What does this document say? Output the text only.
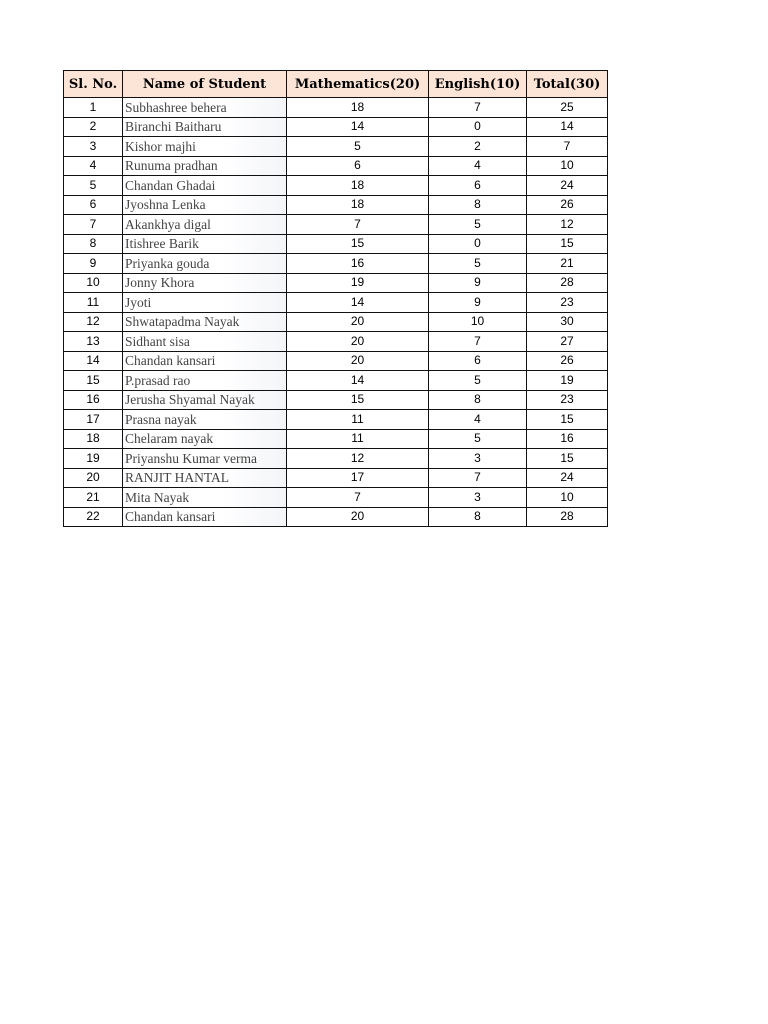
Sl. No.	Name of Student	Mathematics(20)	English(10)	Total(30)
1	Subhashree behera	18	7	25
2	Biranchi Baitharu	14	0	14
3	Kishor majhi	5	2	7
4	Runuma pradhan	6	4	10
5	Chandan Ghadai	18	6	24
6	Jyoshna Lenka	18	8	26
7	Akankhya digal	7	5	12
8	Itishree Barik	15	0	15
9	Priyanka gouda	16	5	21
10	Jonny Khora	19	9	28
11	Jyoti	14	9	23
12	Shwatapadma Nayak	20	10	30
13	Sidhant sisa	20	7	27
14	Chandan kansari	20	6	26
15	P.prasad rao	14	5	19
16	Jerusha Shyamal Nayak	15	8	23
17	Prasna nayak	11	4	15
18	Chelaram nayak	11	5	16
19	Priyanshu Kumar verma	12	3	15
20	RANJIT HANTAL	17	7	24
21	Mita Nayak	7	3	10
22	Chandan kansari	20	8	28
